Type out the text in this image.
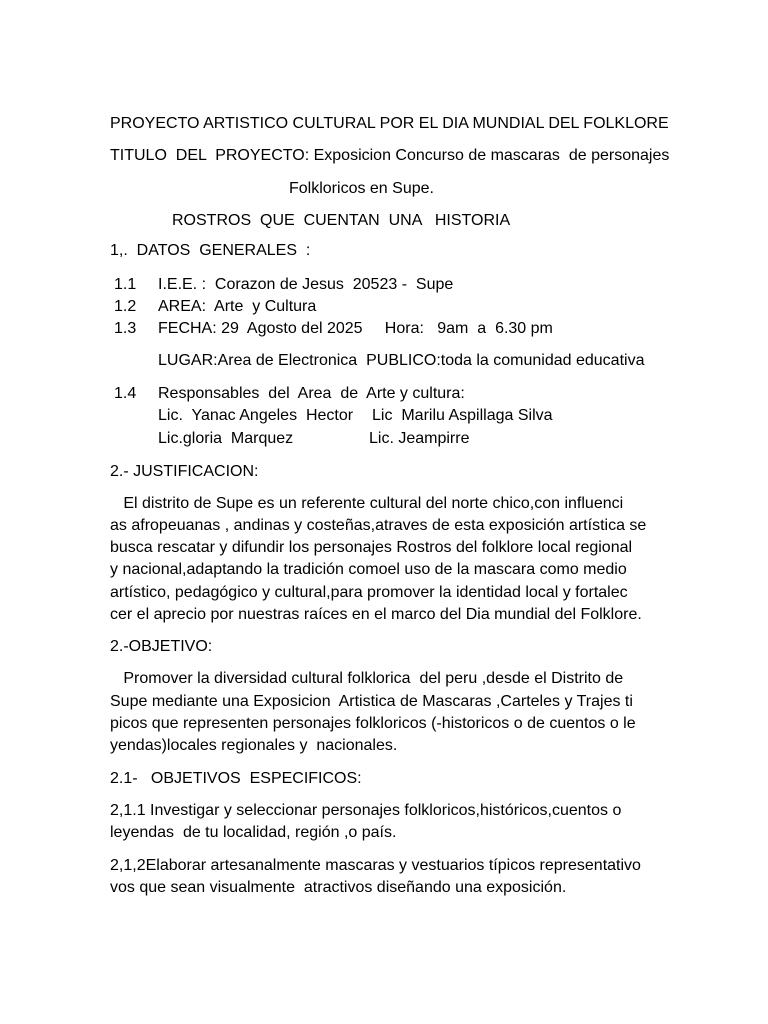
PROYECTO ARTISTICO CULTURAL POR EL DIA MUNDIAL DEL FOLKLORE
TITULO  DEL  PROYECTO: Exposicion Concurso de mascaras  de personajes
Folkloricos en Supe.
ROSTROS  QUE  CUENTAN  UNA   HISTORIA
1,.  DATOS  GENERALES  :
1.1 I.E.E. :  Corazon de Jesus  20523 -  Supe
1.2 AREA:  Arte  y Cultura
1.3 FECHA: 29  Agosto del 2025     Hora:   9am  a  6.30 pm
LUGAR:Area de Electronica  PUBLICO:toda la comunidad educativa
1.4 Responsables  del  Area  de  Arte y cultura:
Lic.  Yanac Angeles  Hector Lic  Marilu Aspillaga Silva
Lic.gloria  Marquez	Lic. Jeampirre
2.- JUSTIFICACION:
El distrito de Supe es un referente cultural del norte chico,con influenci
as afropeuanas , andinas y costeñas,atraves de esta exposición artística se
busca rescatar y difundir los personajes Rostros del folklore local regional
y nacional,adaptando la tradición comoel uso de la mascara como medio
artístico, pedagógico y cultural,para promover la identidad local y fortalec
cer el aprecio por nuestras raíces en el marco del Dia mundial del Folklore.
2.-OBJETIVO:
Promover la diversidad cultural folklorica  del peru ,desde el Distrito de
Supe mediante una Exposicion  Artistica de Mascaras ,Carteles y Trajes ti
picos que representen personajes folkloricos (-historicos o de cuentos o le
yendas)locales regionales y  nacionales.
2.1-   OBJETIVOS  ESPECIFICOS:
2,1.1 Investigar y seleccionar personajes folkloricos,históricos,cuentos o
leyendas  de tu localidad, región ,o país.
2,1,2Elaborar artesanalmente mascaras y vestuarios típicos representativo
vos que sean visualmente  atractivos diseñando una exposición.
